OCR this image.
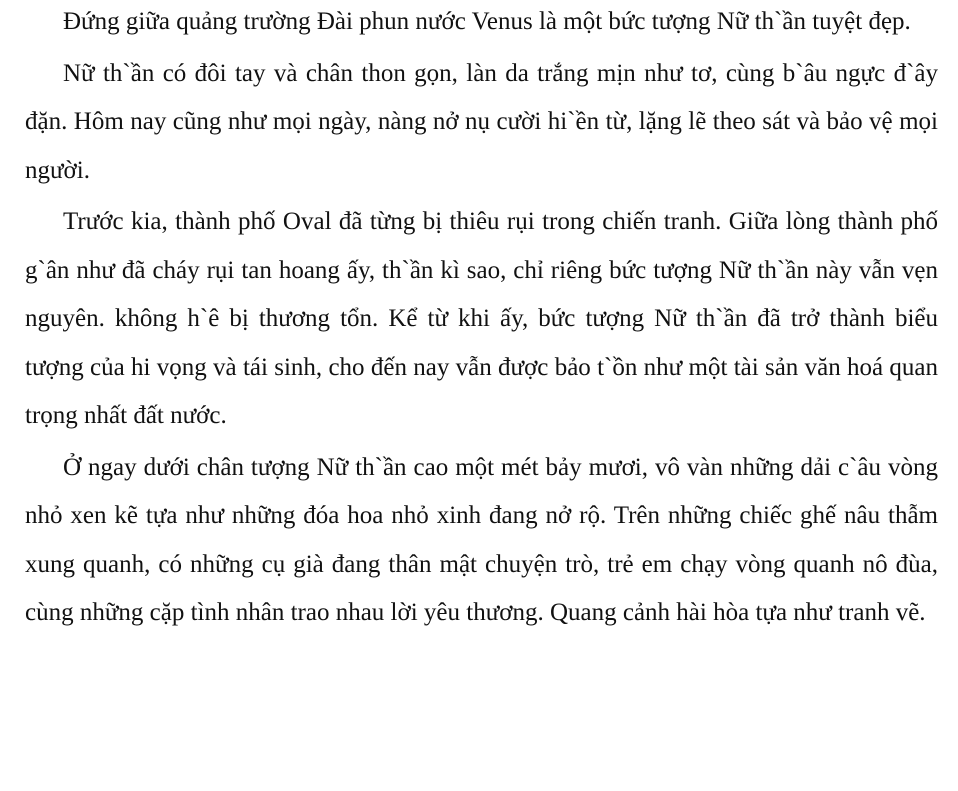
Đứng giữa quảng trường Đài phun nước Venus là một bức tượng Nữ th`ần tuyệt đẹp.

Nữ th`ần có đôi tay và chân thon gọn, làn da trắng mịn như tơ, cùng b`âu ngực đ`ây đặn. Hôm nay cũng như mọi ngày, nàng nở nụ cười hi`ền từ, lặng lẽ theo sát và bảo vệ mọi người.

Trước kia, thành phố Oval đã từng bị thiêu rụi trong chiến tranh. Giữa lòng thành phố g`ân như đã cháy rụi tan hoang ấy, th`ần kì sao, chỉ riêng bức tượng Nữ th`ần này vẫn vẹn nguyên. không h`ê bị thương tổn. Kể từ khi ấy, bức tượng Nữ th`ần đã trở thành biểu tượng của hi vọng và tái sinh, cho đến nay vẫn được bảo t`ồn như một tài sản văn hoá quan trọng nhất đất nước.

Ở ngay dưới chân tượng Nữ th`ần cao một mét bảy mươi, vô vàn những dải c`âu vòng nhỏ xen kẽ tựa như những đóa hoa nhỏ xinh đang nở rộ. Trên những chiếc ghế nâu thẫm xung quanh, có những cụ già đang thân mật chuyện trò, trẻ em chạy vòng quanh nô đùa, cùng những cặp tình nhân trao nhau lời yêu thương. Quang cảnh hài hòa tựa như tranh vẽ.
